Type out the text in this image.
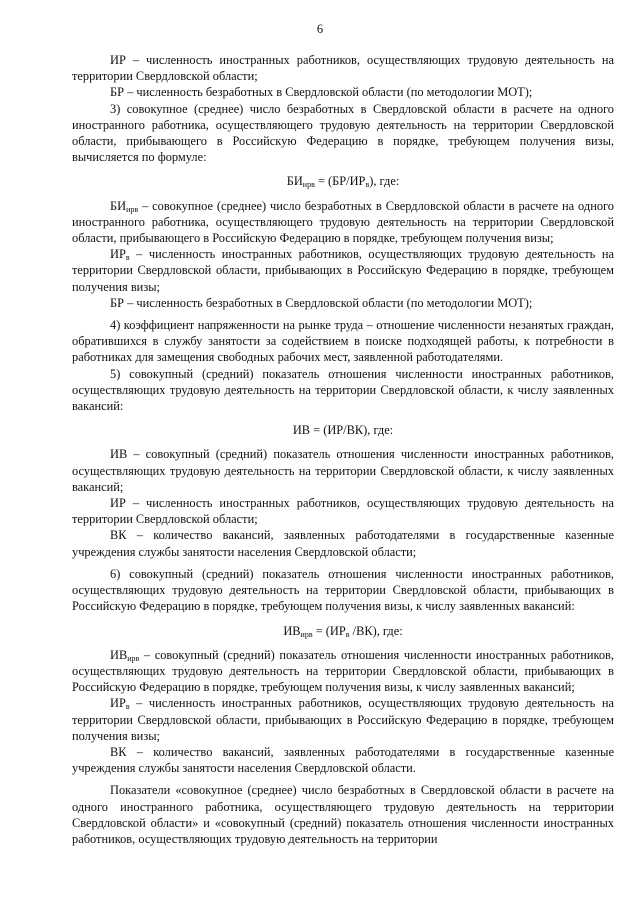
6

ИР – численность иностранных работников, осуществляющих трудовую деятельность на территории Свердловской области;

БР – численность безработных в Свердловской области (по методологии МОТ);

3) совокупное (среднее) число безработных в Свердловской области в расчете на одного иностранного работника, осуществляющего трудовую деятельность на территории Свердловской области, прибывающего в Российскую Федерацию в порядке, требующем получения визы, вычисляется по формуле:

$БИ_{ирв} = (БР/ИР_в)$, где:

$БИ_{ирв}$ – совокупное (среднее) число безработных в Свердловской области в расчете на одного иностранного работника, осуществляющего трудовую деятельность на территории Свердловской области, прибывающего в Российскую Федерацию в порядке, требующем получения визы;

$ИР_в$ – численность иностранных работников, осуществляющих трудовую деятельность на территории Свердловской области, прибывающих в Российскую Федерацию в порядке, требующем получения визы;

БР – численность безработных в Свердловской области (по методологии МОТ);

4) коэффициент напряженности на рынке труда – отношение численности незанятых граждан, обратившихся в службу занятости за содействием в поиске подходящей работы, к потребности в работниках для замещения свободных рабочих мест, заявленной работодателями.

5) совокупный (средний) показатель отношения численности иностранных работников, осуществляющих трудовую деятельность на территории Свердловской области, к числу заявленных вакансий:

ИВ = (ИР/ВК), где:

ИВ – совокупный (средний) показатель отношения численности иностранных работников, осуществляющих трудовую деятельность на территории Свердловской области, к числу заявленных вакансий;

ИР – численность иностранных работников, осуществляющих трудовую деятельность на территории Свердловской области;

ВК – количество вакансий, заявленных работодателями в государственные казенные учреждения службы занятости населения Свердловской области;

6) совокупный (средний) показатель отношения численности иностранных работников, осуществляющих трудовую деятельность на территории Свердловской области, прибывающих в Российскую Федерацию в порядке, требующем получения визы, к числу заявленных вакансий:

$ИВ_{ирв} = (ИР_в$ /ВК), где:

$ИВ_{ирв}$ – совокупный (средний) показатель отношения численности иностранных работников, осуществляющих трудовую деятельность на территории Свердловской области, прибывающих в Российскую Федерацию в порядке, требующем получения визы, к числу заявленных вакансий;

$ИР_в$ – численность иностранных работников, осуществляющих трудовую деятельность на территории Свердловской области, прибывающих в Российскую Федерацию в порядке, требующем получения визы;

ВК – количество вакансий, заявленных работодателями в государственные казенные учреждения службы занятости населения Свердловской области.

Показатели «совокупное (среднее) число безработных в Свердловской области в расчете на одного иностранного работника, осуществляющего трудовую деятельность на территории Свердловской области» и «совокупный (средний) показатель отношения численности иностранных работников, осуществляющих трудовую деятельность на территории
